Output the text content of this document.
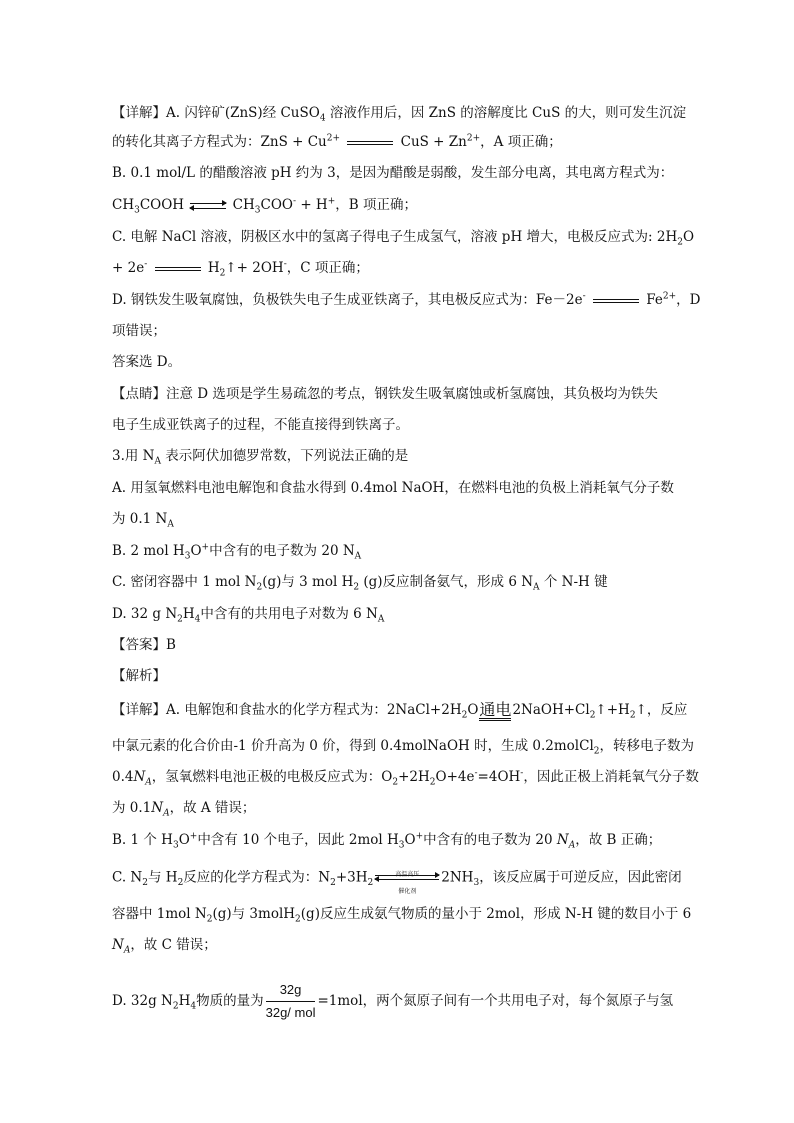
【详解】A. 闪锌矿(ZnS)经 CuSO$_4$ 溶液作用后，因 ZnS 的溶解度比 CuS 的大，则可发生沉淀
的转化其离子方程式为：ZnS + $Cu^{2+}$	CuS + $Zn^{2+}$，A 项正确；
B. 0.1 mol/L 的醋酸溶液 pH 约为 3，是因为醋酸是弱酸，发生部分电离，其电离方程式为：
$CH_3COOH$ ⇌ $CH_3COO^- + H^+$，B 项正确；
C. 电解 NaCl 溶液，阴极区水中的氢离子得电子生成氢气，溶液 pH 增大，电极反应式为: $2H_2O$
+ 2e-	$H_2↑+ 2OH^-$，C 项正确；
D. 钢铁发生吸氧腐蚀，负极铁失电子生成亚铁离子，其电极反应式为：Fe－2e-	$Fe^{2+}$，D
项错误；
答案选 D。
【点睛】注意 D 选项是学生易疏忽的考点，钢铁发生吸氧腐蚀或析氢腐蚀，其负极均为铁失
电子生成亚铁离子的过程，不能直接得到铁离子。
3.用 $N_A$ 表示阿伏加德罗常数，下列说法正确的是
A. 用氢氧燃料电池电解饱和食盐水得到 0.4mol NaOH，在燃料电池的负极上消耗氧气分子数
为 0.1 $N_A$
B. 2 mol $H_3O^+$中含有的电子数为 20 $N_A$
C. 密闭容器中 1 mol $N_2(g)$与 3 mol $H_2$ (g)反应制备氨气，形成 6 $N_A$ 个 N-H 键
D. 32 g $N_2H_4$中含有的共用电子对数为 6 $N_A$
【答案】B
【解析】
【详解】A. 电解饱和食盐水的化学方程式为：$2NaCl+2H_2O$通电$2NaOH+Cl_2↑+H_2↑$，反应
中氯元素的化合价由-1 价升高为 0 价，得到 0.4molNaOH 时，生成 0.2molCl$_2$，转移电子数为
$0.4N_A$，氢氧燃料电池正极的电极反应式为：$O_2+2H_2O+4e^-=4OH^-$，因此正极上消耗氧气分子数
为 $0.1N_A$，故 A 错误；
B. 1 个 $H_3O^+$中含有 10 个电子，因此 2mol $H_3O^+$中含有的电子数为 20 $N_A$，故 B 正确；
C. $N_2$与 $H_2$反应的化学方程式为：$N_2+3H_2$
高温高压
催化剂
$2NH_3$，该反应属于可逆反应，因此密闭
容器中 1mol $N_2(g)$与 3molH$_2$(g)反应生成氨气物质的量小于 2mol，形成 N-H 键的数目小于 6
$N_A$，故 C 错误；
D. 32g $N_2H_4$物质的量为 $\frac{32g}{\text{32g/ mol}} =1mol$，两个氮原子间有一个共用电子对，每个氮原子与氢
